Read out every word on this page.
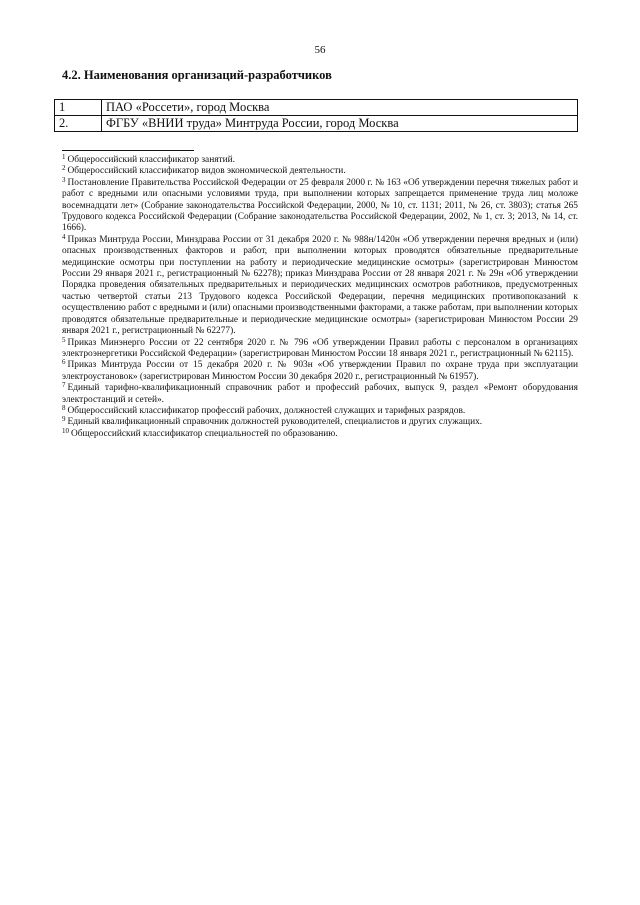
56
4.2. Наименования организаций-разработчиков
1	ПАО «Россети», город Москва
2.	ФГБУ «ВНИИ труда» Минтруда России, город Москва

$^1$ Общероссийский классификатор занятий.

$^2$ Общероссийский классификатор видов экономической деятельности.

$^3$ Постановление Правительства Российской Федерации от 25 февраля 2000 г. № 163 «Об утверждении перечня тяжелых работ и работ с вредными или опасными условиями труда, при выполнении которых запрещается применение труда лиц моложе восемнадцати лет» (Собрание законодательства Российской Федерации, 2000, № 10, ст. 1131; 2011, № 26, ст. 3803); статья 265 Трудового кодекса Российской Федерации (Собрание законодательства Российской Федерации, 2002, № 1, ст. 3; 2013, № 14, ст. 1666).

$^4$ Приказ Минтруда России, Минздрава России от 31 декабря 2020 г. № 988н/1420н «Об утверждении перечня вредных и (или) опасных производственных факторов и работ, при выполнении которых проводятся обязательные предварительные медицинские осмотры при поступлении на работу и периодические медицинские осмотры» (зарегистрирован Минюстом России 29 января 2021 г., регистрационный № 62278); приказ Минздрава России от 28 января 2021 г. № 29н «Об утверждении Порядка проведения обязательных предварительных и периодических медицинских осмотров работников, предусмотренных частью четвертой статьи 213 Трудового кодекса Российской Федерации, перечня медицинских противопоказаний к осуществлению работ с вредными и (или) опасными производственными факторами, а также работам, при выполнении которых проводятся обязательные предварительные и периодические медицинские осмотры» (зарегистрирован Минюстом России 29 января 2021 г., регистрационный № 62277).

$^5$ Приказ Минэнерго России от 22 сентября 2020 г. № 796 «Об утверждении Правил работы с персоналом в организациях электроэнергетики Российской Федерации» (зарегистрирован Минюстом России 18 января 2021 г., регистрационный № 62115).

$^6$ Приказ Минтруда России от 15 декабря 2020 г. № 903н «Об утверждении Правил по охране труда при эксплуатации электроустановок» (зарегистрирован Минюстом России 30 декабря 2020 г., регистрационный № 61957).

$^7$ Единый тарифно-квалификационный справочник работ и профессий рабочих, выпуск 9, раздел «Ремонт оборудования электростанций и сетей».

$^8$ Общероссийский классификатор профессий рабочих, должностей служащих и тарифных разрядов.

$^9$ Единый квалификационный справочник должностей руководителей, специалистов и других служащих.

$^{10}$ Общероссийский классификатор специальностей по образованию.
